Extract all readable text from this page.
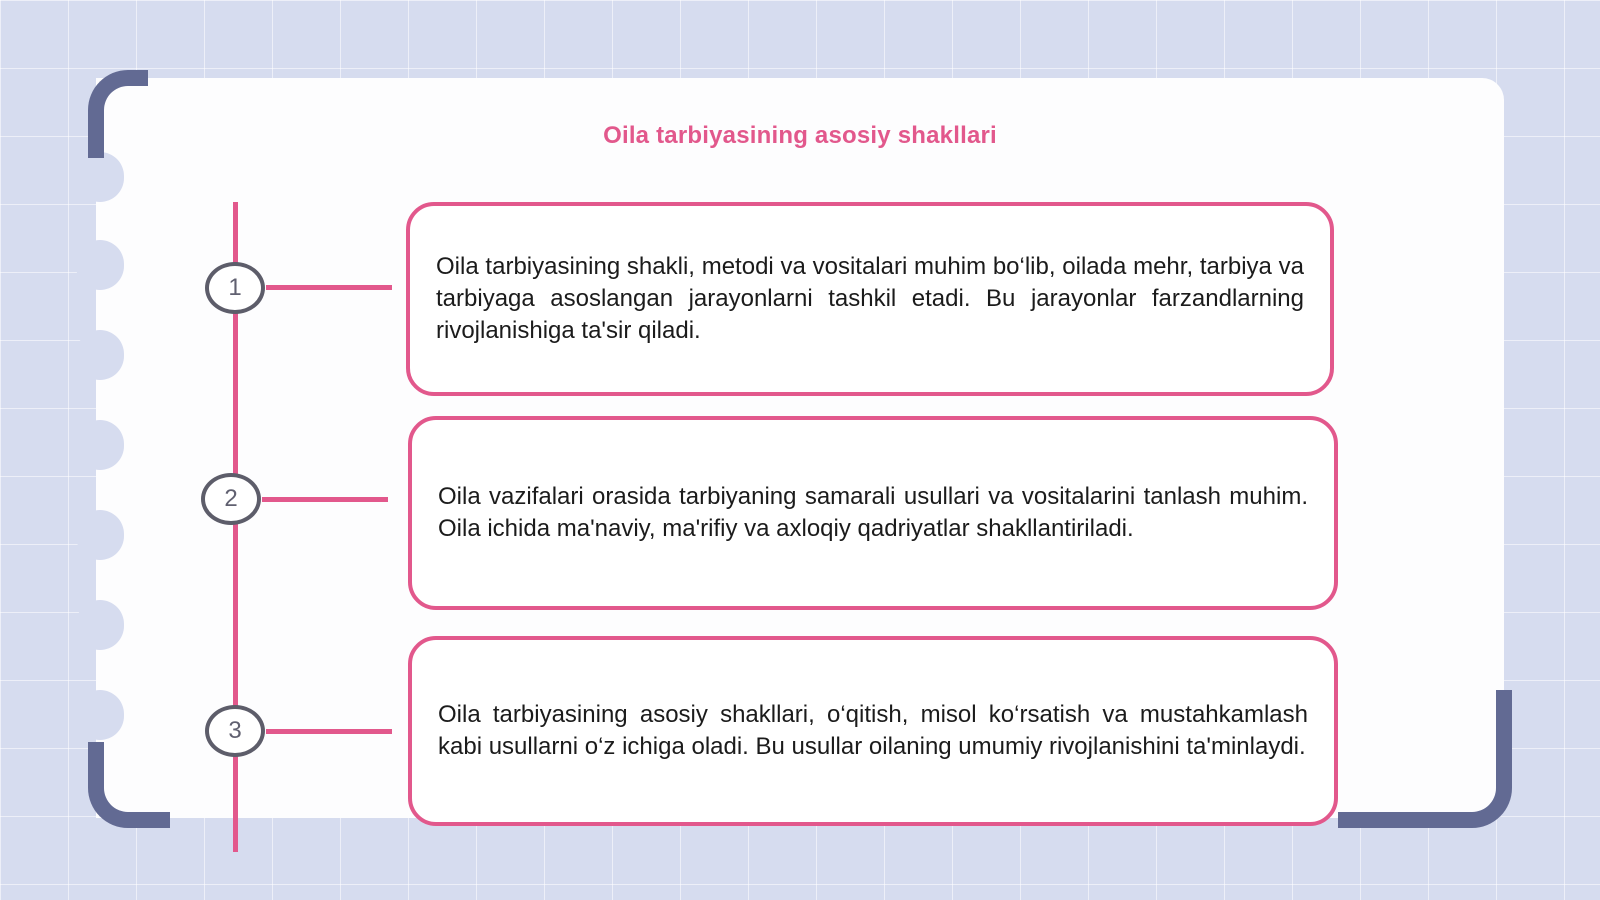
Oila tarbiyasining asosiy shakllari
1

Oila tarbiyasining shakli, metodi va vositalari muhim bo‘lib, oilada mehr, tarbiya va tarbiyaga asoslangan jarayonlarni tashkil etadi. Bu jarayonlar farzandlarning rivojlanishiga ta'sir qiladi.

2	Oila vazifalari orasida tarbiyaning samarali usullari va vositalarini tanlash muhim. Oila ichida ma'naviy, ma'rifiy va axloqiy qadriyatlar shakllantiriladi.

3

Oila tarbiyasining asosiy shakllari, o‘qitish, misol ko‘rsatish va mustahkamlash kabi usullarni o‘z ichiga oladi. Bu usullar oilaning umumiy rivojlanishini ta'minlaydi.
